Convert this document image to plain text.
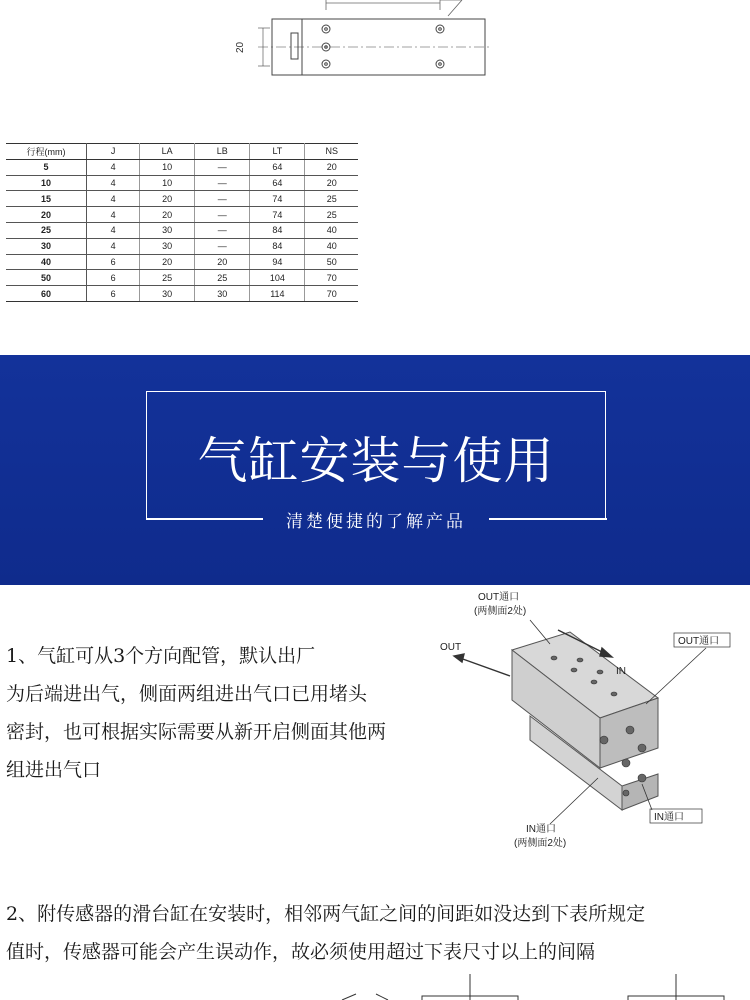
20
行程(mm)	J	LA	LB	LT	NS
5	4	10	—	64	20
10	4	10	—	64	20
15	4	20	—	74	25
20	4	20	—	74	25
25	4	30	—	84	40
30	4	30	—	84	40
40	6	20	20	94	50
50	6	25	25	104	70
60	6	30	30	114	70
气缸安装与使用
清楚便捷的了解产品
1、气缸可从3个方向配管，默认出厂
为后端进出气，侧面两组进出气口已用堵头
密封，也可根据实际需要从新开启侧面其他两
组进出气口
OUT通口
(两侧面2处)
OUT
IN
OUT通口
IN通口
IN通口
(两侧面2处)
2、附传感器的滑台缸在安装时，相邻两气缸之间的间距如没达到下表所规定
值时，传感器可能会产生误动作，故必须使用超过下表尺寸以上的间隔
